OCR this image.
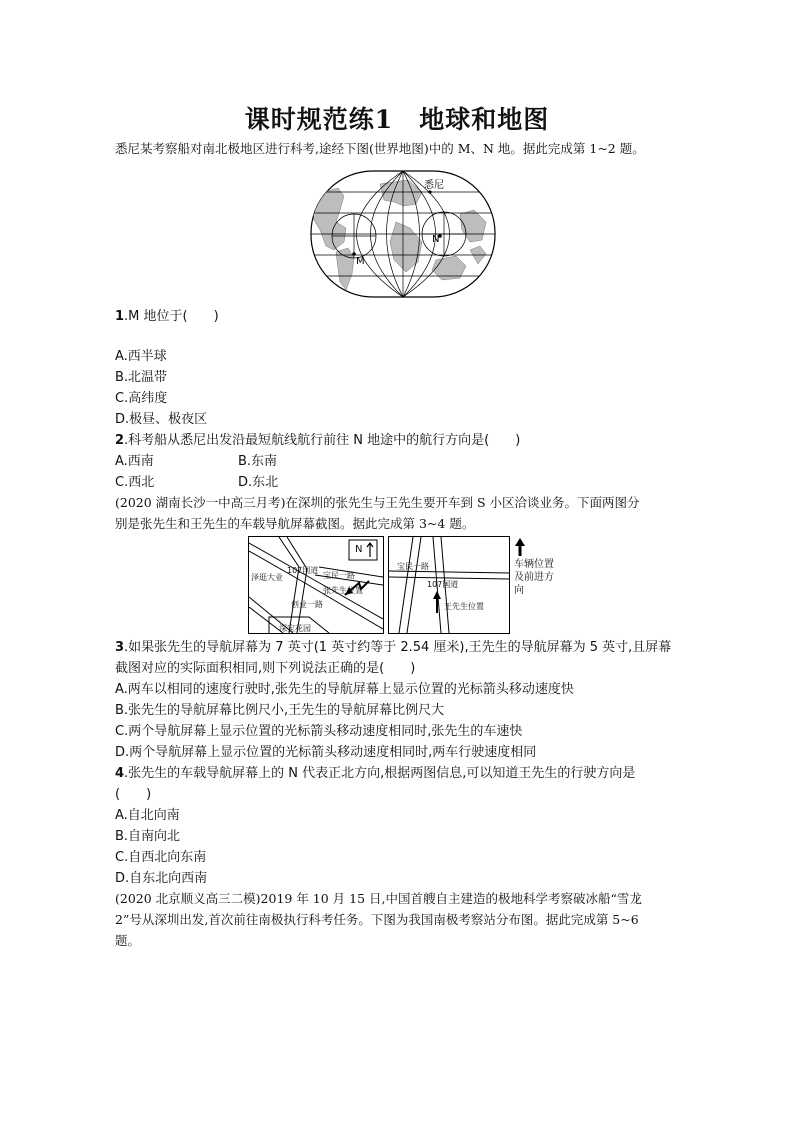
课时规范练1　地球和地图
悉尼某考察船对南北极地区进行科考,途经下图(世界地图)中的 M、N 地。据此完成第 1~2 题。
悉尼
M
N
1.M 地位于(　　)
A.西半球
B.北温带
C.高纬度
D.极昼、极夜区
2.科考船从悉尼出发沿最短航线航行前往 N 地途中的航行方向是(　　)
A.西南	B.东南
C.西北	D.东北
(2020 湖南长沙一中高三月考)在深圳的张先生与王先生要开车到 S 小区洽谈业务。下面两图分
别是张先生和王先生的车载导航屏幕截图。据此完成第 3~4 题。
N
107国道
泽逛大业	宝民一路
张先生位置
创业一路
深宝花园
宝民一路
107国道
王先生位置
车辆位置及前进方向
3.如果张先生的导航屏幕为 7 英寸(1 英寸约等于 2.54 厘米),王先生的导航屏幕为 5 英寸,且屏幕
截图对应的实际面积相同,则下列说法正确的是(　　)
A.两车以相同的速度行驶时,张先生的导航屏幕上显示位置的光标箭头移动速度快
B.张先生的导航屏幕比例尺小,王先生的导航屏幕比例尺大
C.两个导航屏幕上显示位置的光标箭头移动速度相同时,张先生的车速快
D.两个导航屏幕上显示位置的光标箭头移动速度相同时,两车行驶速度相同
4.张先生的车载导航屏幕上的 N 代表正北方向,根据两图信息,可以知道王先生的行驶方向是
(　　)
A.自北向南
B.自南向北
C.自西北向东南
D.自东北向西南
(2020 北京顺义高三二模)2019 年 10 月 15 日,中国首艘自主建造的极地科学考察破冰船“雪龙
2”号从深圳出发,首次前往南极执行科考任务。下图为我国南极考察站分布图。据此完成第 5~6
题。
